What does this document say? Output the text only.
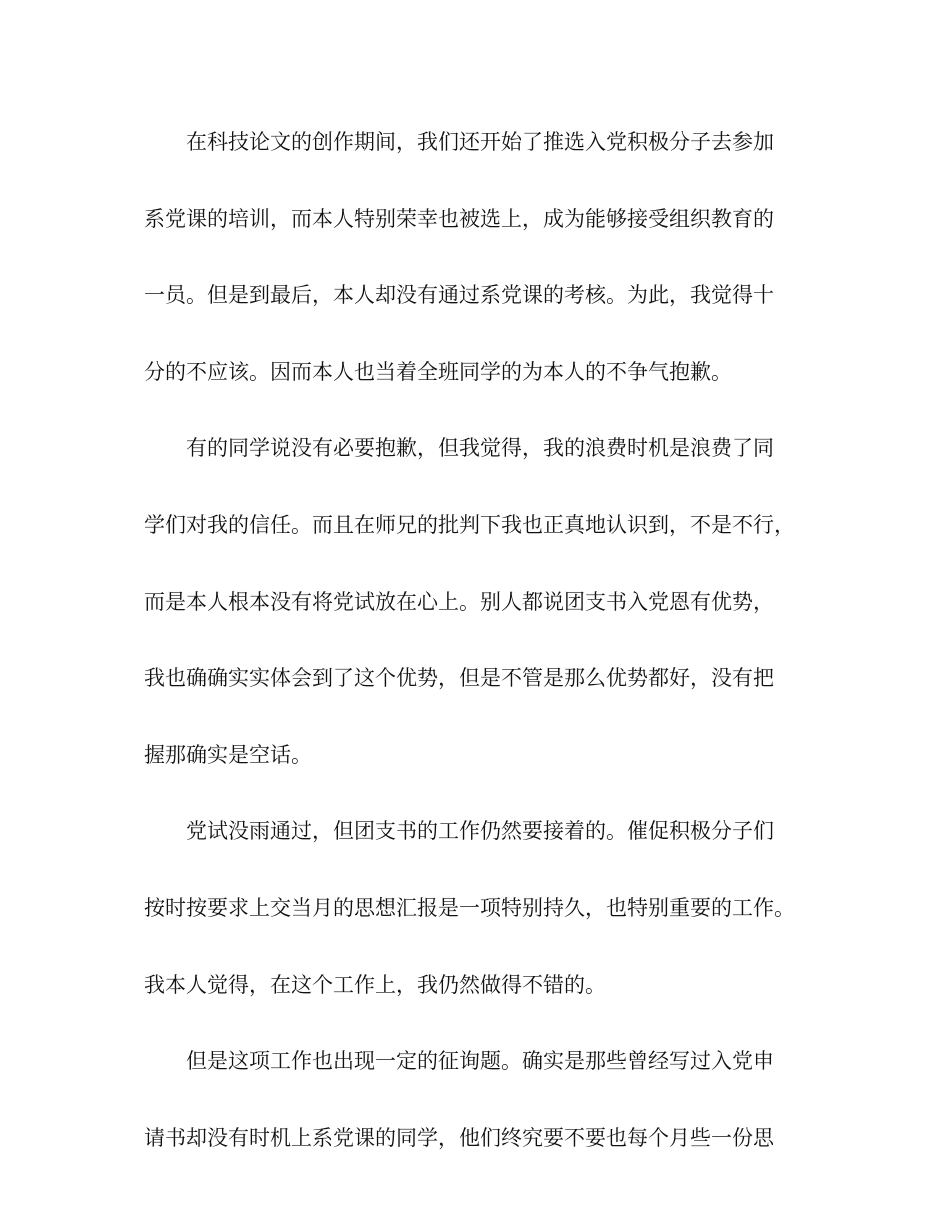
在科技论文的创作期间，我们还开始了推选入党积极分子去参加
系党课的培训，而本人特别荣幸也被选上，成为能够接受组织教育的
一员。但是到最后，本人却没有通过系党课的考核。为此，我觉得十
分的不应该。因而本人也当着全班同学的为本人的不争气抱歉。
有的同学说没有必要抱歉，但我觉得，我的浪费时机是浪费了同
学们对我的信任。而且在师兄的批判下我也正真地认识到，不是不行，
而是本人根本没有将党试放在心上。别人都说团支书入党恩有优势，
我也确确实实体会到了这个优势，但是不管是那么优势都好，没有把
握那确实是空话。
党试没雨通过，但团支书的工作仍然要接着的。催促积极分子们
按时按要求上交当月的思想汇报是一项特别持久，也特别重要的工作。
我本人觉得，在这个工作上，我仍然做得不错的。
但是这项工作也出现一定的征询题。确实是那些曾经写过入党申
请书却没有时机上系党课的同学，他们终究要不要也每个月些一份思
